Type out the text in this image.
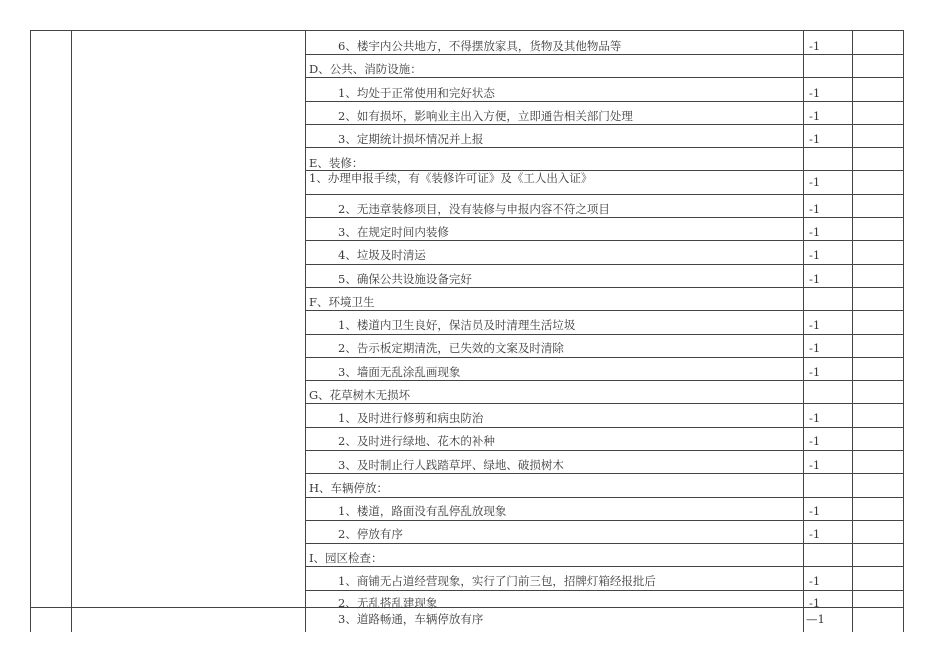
6、楼宇内公共地方，不得摆放家具，货物及其他物品等	-1
D、公共、消防设施：
1、均处于正常使用和完好状态	-1
2、如有损坏，影响业主出入方便，立即通告相关部门处理	-1
3、定期统计损坏情况并上报	-1
E、装修：
1、办理申报手续，有《装修许可证》及《工人出入证》	-1
2、无违章装修项目，没有装修与申报内容不符之项目	-1
3、在规定时间内装修	-1
4、垃圾及时清运	-1
5、确保公共设施设备完好	-1
F、环境卫生
1、楼道内卫生良好，保洁员及时清理生活垃圾	-1
2、告示板定期清洗，已失效的文案及时清除	-1
3、墙面无乱涂乱画现象	-1
G、花草树木无损坏
1、及时进行修剪和病虫防治	-1
2、及时进行绿地、花木的补种	-1
3、及时制止行人践踏草坪、绿地、破损树木	-1
H、车辆停放：
1、楼道，路面没有乱停乱放现象	-1
2、停放有序	-1
I、园区检查：
1、商铺无占道经营现象，实行了门前三包，招牌灯箱经报批后	-1
2、无乱搭乱建现象	-1
3、道路畅通，车辆停放有序	—1
